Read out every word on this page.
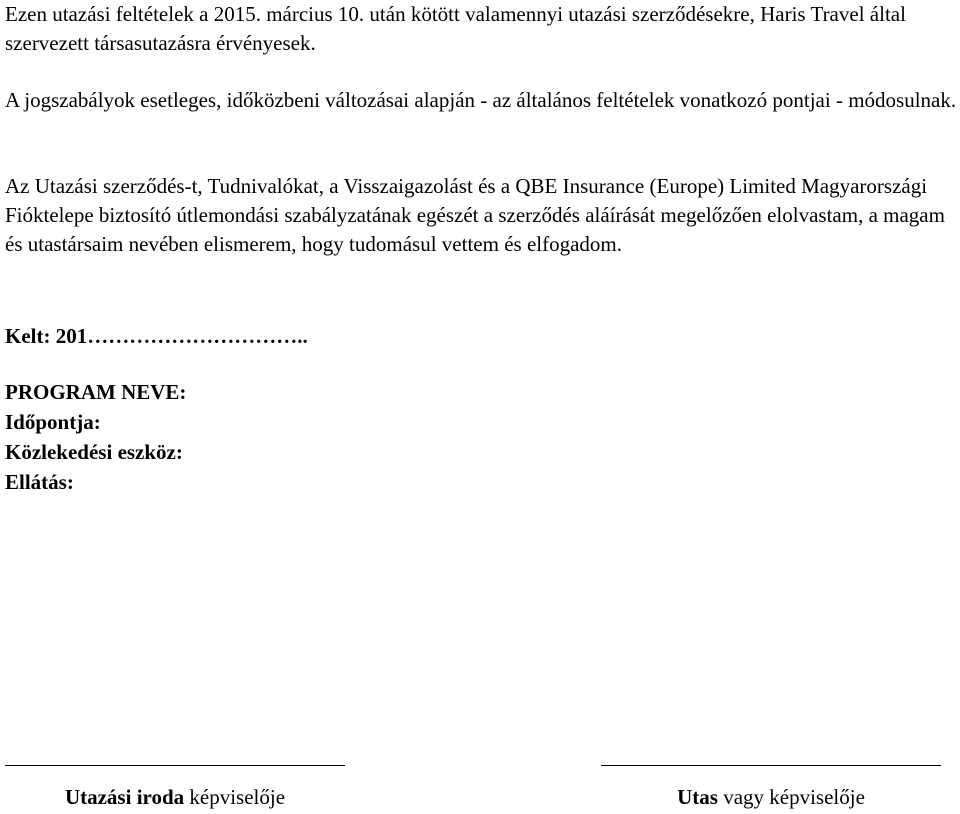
Ezen utazási feltételek a 2015. március 10. után kötött valamennyi utazási szerződésekre, Haris Travel által szervezett társasutazásra érvényesek.

A jogszabályok esetleges, időközbeni változásai alapján - az általános feltételek vonatkozó pontjai - módosulnak.

Az Utazási szerződés-t, Tudnivalókat, a Visszaigazolást és a QBE Insurance (Europe) Limited Magyarországi Fióktelepe biztosító útlemondási szabályzatának egészét a szerződés aláírását megelőzően elolvastam, a magam és utastársaim nevében elismerem, hogy tudomásul vettem és elfogadom.

Kelt: 201…………………………..
PROGRAM NEVE:
Időpontja:
Közlekedési eszköz:
Ellátás:
Utazási iroda képviselője	Utas vagy képviselője
